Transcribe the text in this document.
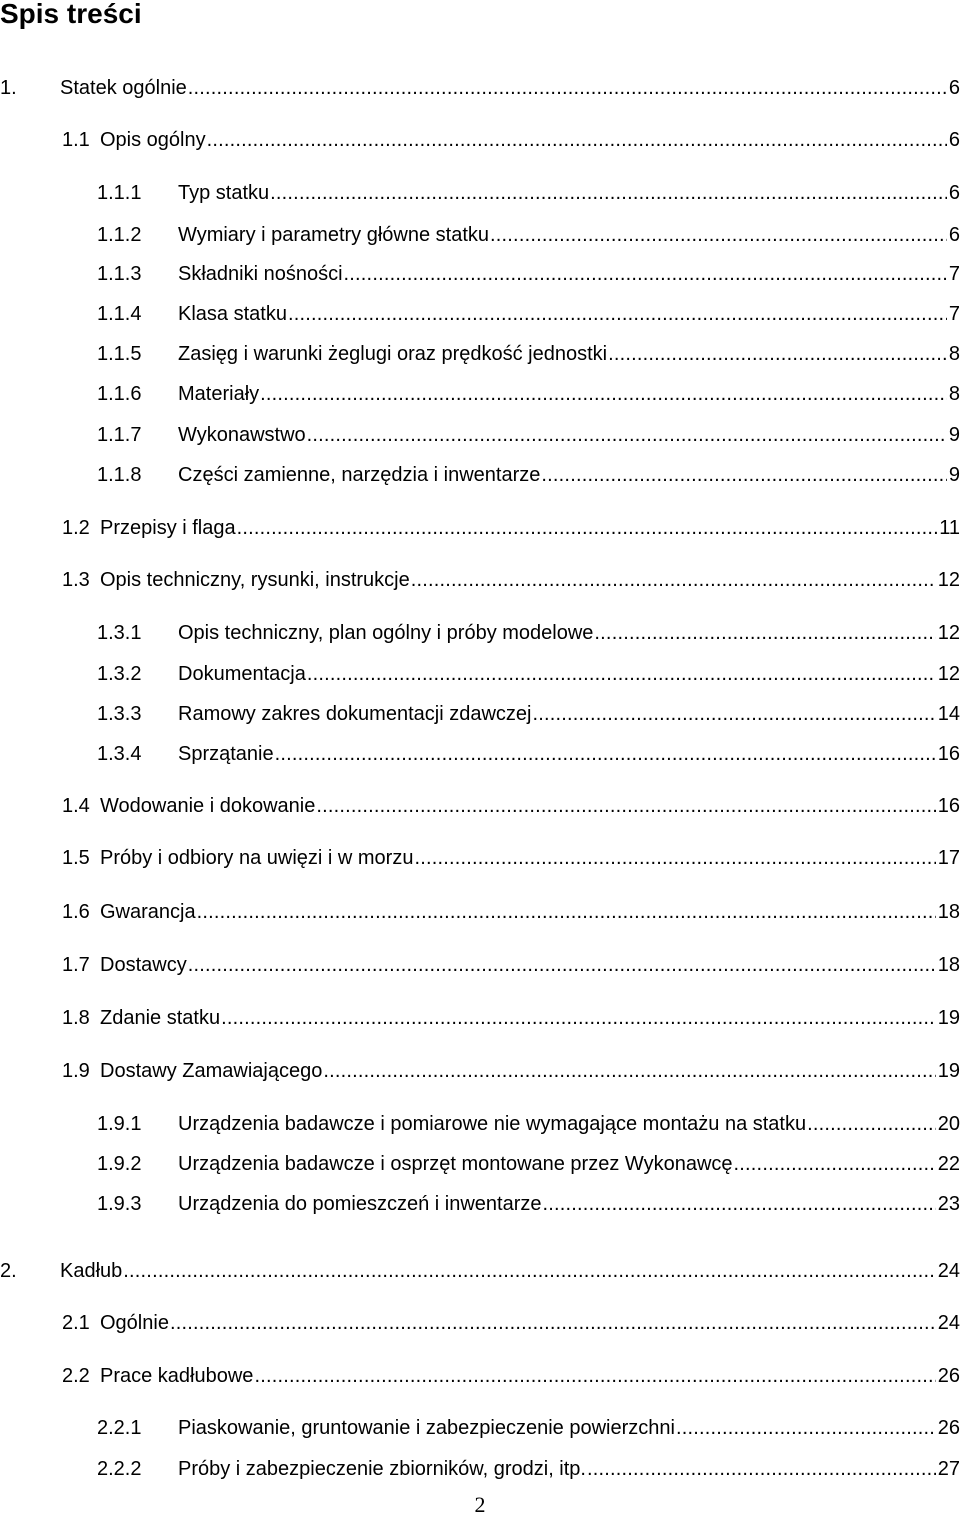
Spis treści
1.	Statek ogólnie .....	6
1.1 Opis ogólny .....	6
1.1.1	Typ statku .....	6
1.1.2	Wymiary i parametry główne statku .....	6
1.1.3	Składniki nośności .....	7
1.1.4	Klasa statku .....	7
1.1.5	Zasięg i warunki żeglugi oraz prędkość jednostki .....	8
1.1.6	Materiały .....	8
1.1.7	Wykonawstwo .....	9
1.1.8	Części zamienne, narzędzia i inwentarze .....	9
1.2 Przepisy i flaga .....	11
1.3 Opis techniczny, rysunki, instrukcje .....	12
1.3.1	Opis techniczny, plan ogólny i próby modelowe .....	12
1.3.2	Dokumentacja .....	12
1.3.3	Ramowy zakres dokumentacji zdawczej .....	14
1.3.4	Sprzątanie .....	16
1.4 Wodowanie i dokowanie .....	16
1.5 Próby i odbiory na uwięzi i w morzu .....	17
1.6 Gwarancja .....	18
1.7 Dostawcy .....	18
1.8 Zdanie statku .....	19
1.9 Dostawy Zamawiającego .....	19
1.9.1	Urządzenia badawcze i pomiarowe nie wymagające montażu na statku .....	20
1.9.2	Urządzenia badawcze i osprzęt montowane przez Wykonawcę .....	22
1.9.3	Urządzenia do pomieszczeń i inwentarze .....	23
2.	Kadłub .....	24
2.1 Ogólnie .....	24
2.2 Prace kadłubowe .....	26
2.2.1	Piaskowanie, gruntowanie i zabezpieczenie powierzchni .....	26
2.2.2	Próby i zabezpieczenie zbiorników, grodzi, itp. .....	27
2
